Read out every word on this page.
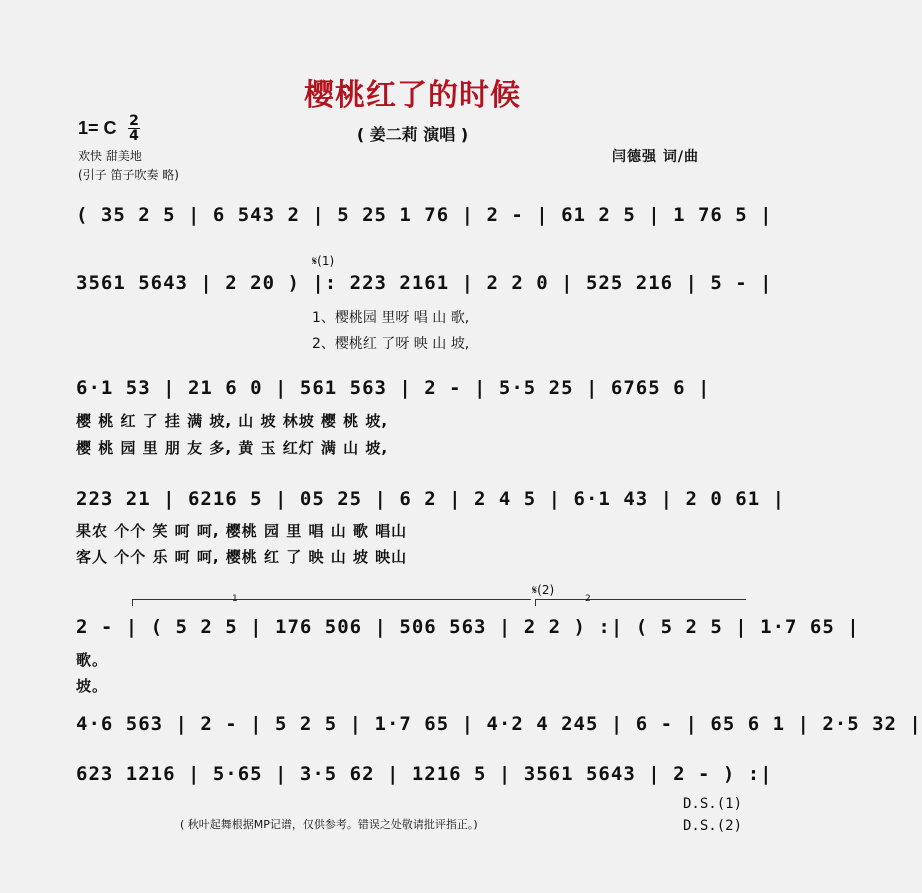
樱桃红了的时候
( 姜二莉 演唱 )
1= C $\frac{2}{4}$
欢快 甜美地
(引子 笛子吹奏 略)
闫德强 词/曲
( 35 2 5 | 6 543 2 | 5 25 1 76 | 2 - | 61 2 5 | 1 76 5 |
𝄋(1)
3561 5643 | 2 20 ) |: 223 2161 | 2 2 0 | 525 216 | 5 - |
1、樱桃园 里呀 唱 山 歌,
2、樱桃红 了呀 映 山 坡,
6·1 53 | 21 6 0 | 561 563 | 2 - | 5·5 25 | 6765 6 |
樱 桃 红 了 挂 满 坡, 山 坡 林坡 樱 桃 坡,
樱 桃 园 里 朋 友 多, 黄 玉 红灯 满 山 坡,
223 21 | 6216 5 | 05 25 | 6 2 | 2 4 5 | 6·1 43 | 2 0 61 |
果农 个个 笑 呵 呵, 樱桃 园 里 唱 山 歌 唱山
客人 个个 乐 呵 呵, 樱桃 红 了 映 山 坡 映山
1	2
𝄋(2)
2 - | ( 5 2 5 | 176 506 | 506 563 | 2 2 ) :| ( 5 2 5 | 1·7 65 |
歌。
坡。
4·6 563 | 2 - | 5 2 5 | 1·7 65 | 4·2 4 245 | 6 - | 65 6 1 | 2·5 32 |
623 1216 | 5·65 | 3·5 62 | 1216 5 | 3561 5643 | 2 - ) :|
D.S.(1)
D.S.(2)
( 秋叶起舞根据MP记谱，仅供参考。错误之处敬请批评指正。)
